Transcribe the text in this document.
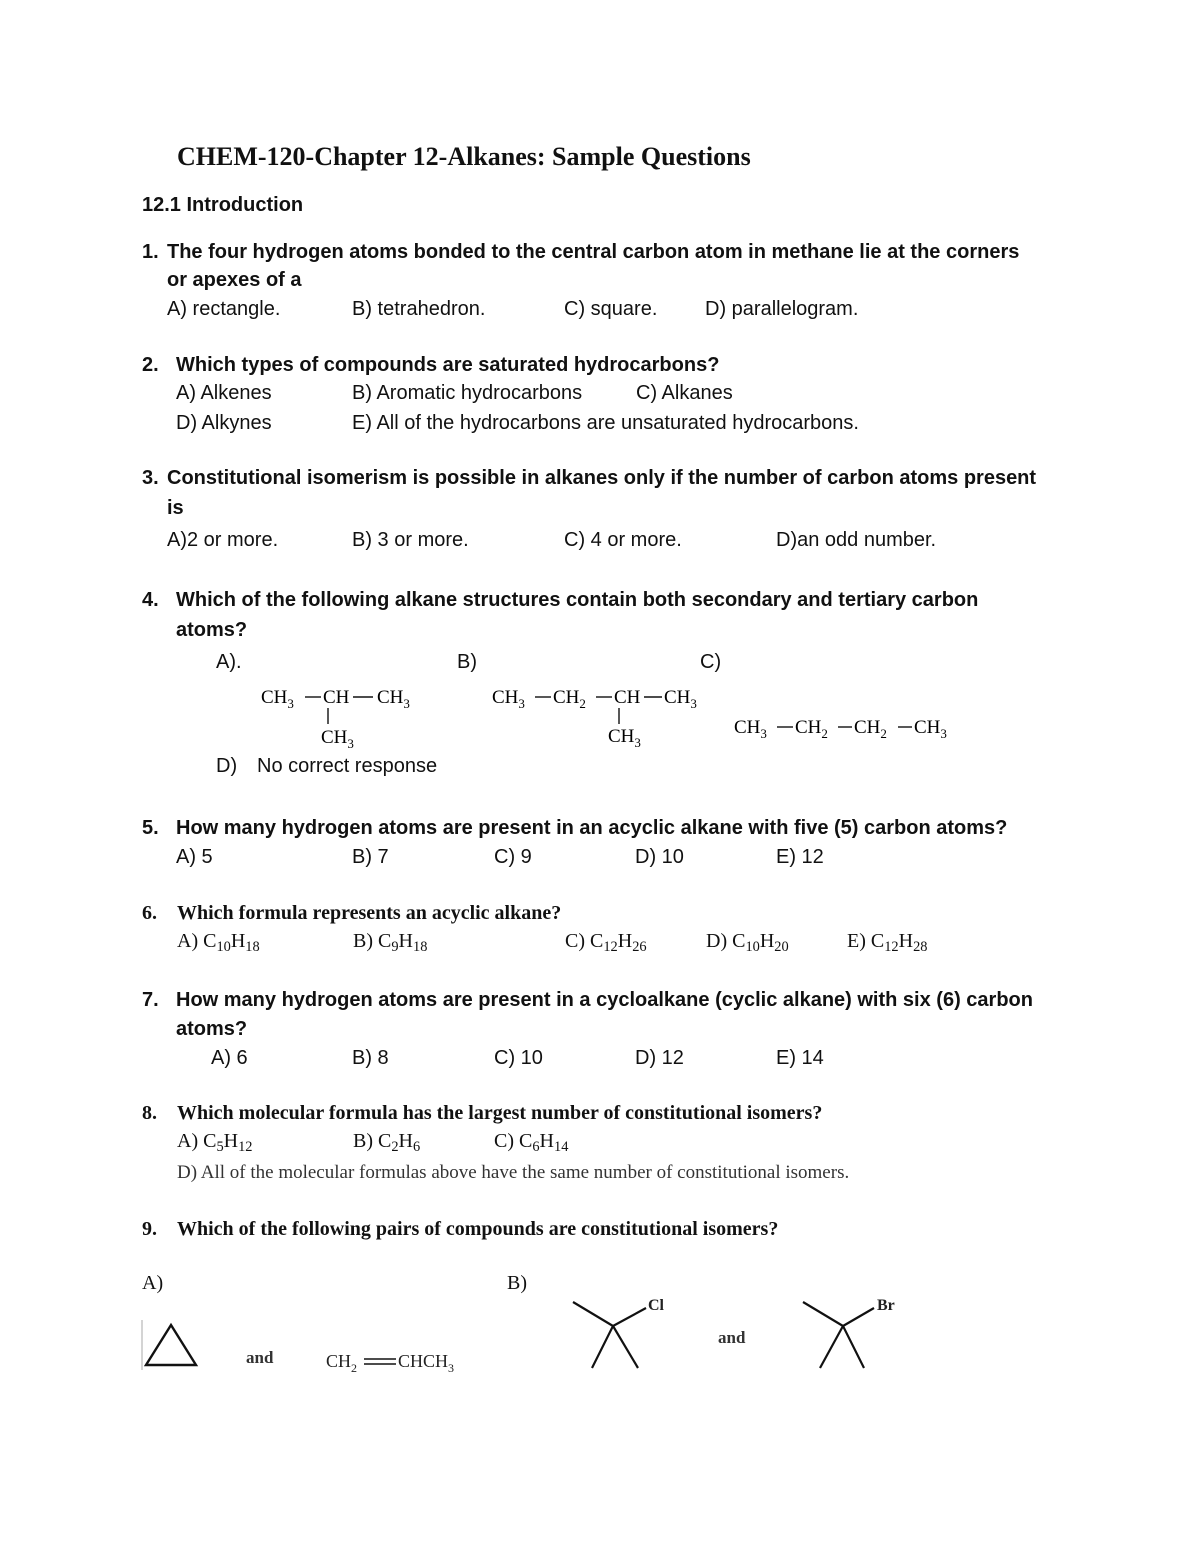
CHEM-120-Chapter 12-Alkanes: Sample Questions
12.1 Introduction
1. The four hydrogen atoms bonded to the central carbon atom in methane lie at the corners
or apexes of a
A) rectangle.	B) tetrahedron.	C) square. D) parallelogram.
2. Which types of compounds are saturated hydrocarbons?
A) Alkenes	B) Aromatic hydrocarbons	C) Alkanes
D) Alkynes	E) All of the hydrocarbons are unsaturated hydrocarbons.
3. Constitutional isomerism is possible in alkanes only if the number of carbon atoms present
is
A)2 or more.	B) 3 or more.	C) 4 or more.	D)an odd number.
4. Which of the following alkane structures contain both secondary and tertiary carbon
atoms?
A).	B)	C)
$CH_3$ CH $CH_3$
$CH_3$
$CH_3$ $CH_2$ CH $CH_3$
$CH_3$
$CH_3$ $CH_2$ $CH_2$ $CH_3$
D) No correct response
5. How many hydrogen atoms are present in an acyclic alkane with five (5) carbon atoms?
A) 5	B) 7	C) 9	D) 10	E) 12
6. Which formula represents an acyclic alkane?
A) $C_{10}H_{18}$	B) $C_9H_{18}$	C) $C_{12}H_{26}$	D) $C_{10}H_{20}$	E) $C_{12}H_{28}$
7. How many hydrogen atoms are present in a cycloalkane (cyclic alkane) with six (6) carbon
atoms?
A) 6	B) 8	C) 10	D) 12	E) 14
8. Which molecular formula has the largest number of constitutional isomers?
A) $C_5H_{12}$	B) $C_2H_6$	C) $C_6H_{14}$
D) All of the molecular formulas above have the same number of constitutional isomers.
9. Which of the following pairs of compounds are constitutional isomers?
A)	B)
and	$CH_2$ $CHCH_3$
Cl
and
Br
